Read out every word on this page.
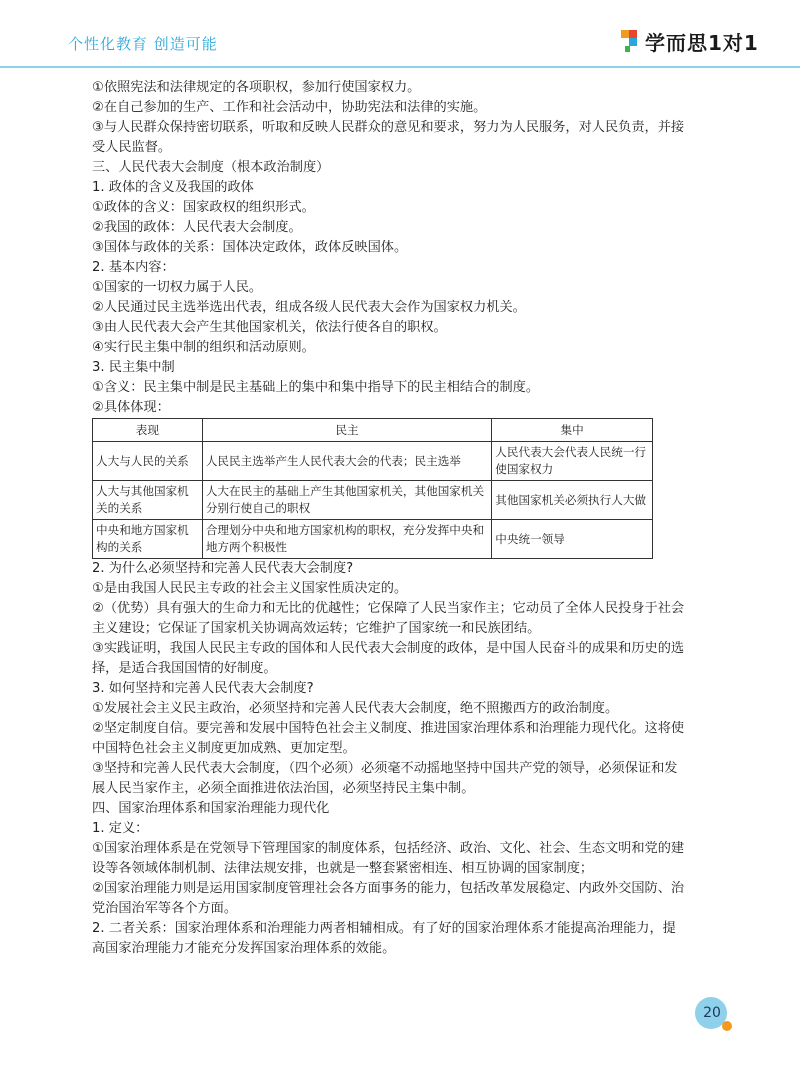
个性化教育 创造可能	学而思1对1
①依照宪法和法律规定的各项职权，参加行使国家权力。
②在自己参加的生产、工作和社会活动中，协助宪法和法律的实施。
③与人民群众保持密切联系，听取和反映人民群众的意见和要求，努力为人民服务，对人民负责，并接
受人民监督。
三、人民代表大会制度（根本政治制度）
1. 政体的含义及我国的政体
①政体的含义：国家政权的组织形式。
②我国的政体：人民代表大会制度。
③国体与政体的关系：国体决定政体，政体反映国体。
2. 基本内容：
①国家的一切权力属于人民。
②人民通过民主选举选出代表，组成各级人民代表大会作为国家权力机关。
③由人民代表大会产生其他国家机关，依法行使各自的职权。
④实行民主集中制的组织和活动原则。
3. 民主集中制
①含义：民主集中制是民主基础上的集中和集中指导下的民主相结合的制度。
②具体体现：
表现	民主	集中
人大与人民的关系	人民民主选举产生人民代表大会的代表；民主选举	人民代表大会代表人民统一行使国家权力
人大与其他国家机关的关系	人大在民主的基础上产生其他国家机关，其他国家机关分别行使自己的职权	其他国家机关必须执行人大做
中央和地方国家机构的关系	合理划分中央和地方国家机构的职权，充分发挥中央和地方两个积极性	中央统一领导
2. 为什么必须坚持和完善人民代表大会制度?
①是由我国人民民主专政的社会主义国家性质决定的。
②（优势）具有强大的生命力和无比的优越性；它保障了人民当家作主；它动员了全体人民投身于社会
主义建设；它保证了国家机关协调高效运转；它维护了国家统一和民族团结。
③实践证明，我国人民民主专政的国体和人民代表大会制度的政体，是中国人民奋斗的成果和历史的选
择，是适合我国国情的好制度。
3. 如何坚持和完善人民代表大会制度?
①发展社会主义民主政治，必须坚持和完善人民代表大会制度，绝不照搬西方的政治制度。
②坚定制度自信。要完善和发展中国特色社会主义制度、推进国家治理体系和治理能力现代化。这将使
中国特色社会主义制度更加成熟、更加定型。
③坚持和完善人民代表大会制度，（四个必须）必须毫不动摇地坚持中国共产党的领导，必须保证和发
展人民当家作主，必须全面推进依法治国，必须坚持民主集中制。
四、国家治理体系和国家治理能力现代化
1. 定义：
①国家治理体系是在党领导下管理国家的制度体系，包括经济、政治、文化、社会、生态文明和党的建
设等各领域体制机制、法律法规安排，也就是一整套紧密相连、相互协调的国家制度；
②国家治理能力则是运用国家制度管理社会各方面事务的能力，包括改革发展稳定、内政外交国防、治
党治国治军等各个方面。
2. 二者关系：国家治理体系和治理能力两者相辅相成。有了好的国家治理体系才能提高治理能力，提
高国家治理能力才能充分发挥国家治理体系的效能。
20
